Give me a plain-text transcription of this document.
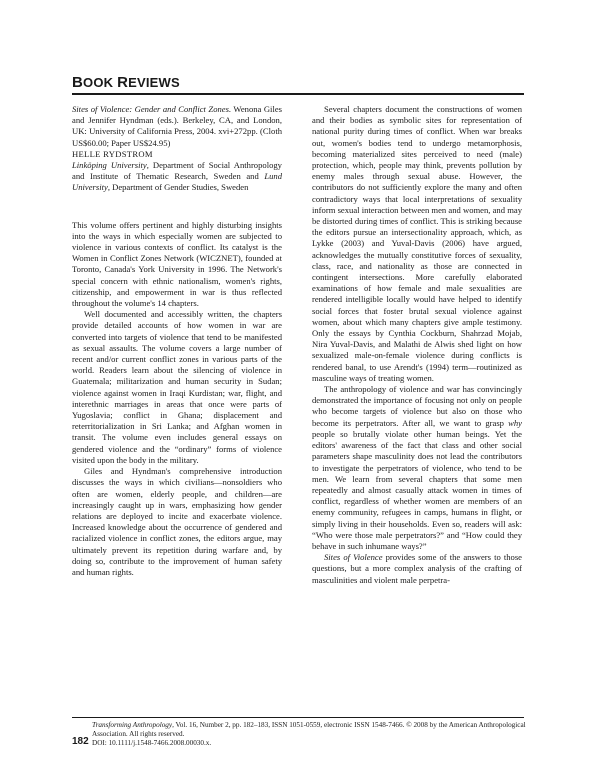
BOOK REVIEWS

Sites of Violence: Gender and Conflict Zones. Wenona Giles and Jennifer Hyndman (eds.). Berkeley, CA, and London, UK: University of California Press, 2004. xvi+272pp. (Cloth US$60.00; Paper US$24.95)

HELLE RYDSTROM

Linköping University, Department of Social Anthropology and Institute of Thematic Research, Sweden and Lund University, Department of Gender Studies, Sweden

This volume offers pertinent and highly disturbing insights into the ways in which especially women are subjected to violence in various contexts of conflict. Its catalyst is the Women in Conflict Zones Network (WICZNET), founded at Toronto, Canada's York University in 1996. The Network's special concern with ethnic nationalism, women's rights, citizenship, and empowerment in war is thus reflected throughout the volume's 14 chapters.

Well documented and accessibly written, the chapters provide detailed accounts of how women in war are converted into targets of violence that tend to be manifested as sexual assaults. The volume covers a large number of recent and/or current conflict zones in various parts of the world. Readers learn about the silencing of violence in Guatemala; militarization and human security in Sudan; violence against women in Iraqi Kurdistan; war, flight, and interethnic marriages in areas that once were parts of Yugoslavia; conflict in Ghana; displacement and reterritorialization in Sri Lanka; and Afghan women in transit. The volume even includes general essays on gendered violence and the “ordinary” forms of violence visited upon the body in the military.

Giles and Hyndman's comprehensive introduction discusses the ways in which civilians—nonsoldiers who often are women, elderly people, and children—are increasingly caught up in wars, emphasizing how gender relations are deployed to incite and exacerbate violence. Increased knowledge about the occurrence of gendered and racialized violence in conflict zones, the editors argue, may ultimately prevent its repetition during warfare and, by doing so, contribute to the improvement of human safety and human rights.

Several chapters document the constructions of women and their bodies as symbolic sites for representation of national purity during times of conflict. When war breaks out, women's bodies tend to undergo metamorphosis, becoming materialized sites perceived to need (male) protection, which, people may think, prevents pollution by enemy males through sexual abuse. However, the contributors do not sufficiently explore the many and often contradictory ways that local interpretations of sexuality inform sexual interaction between men and women, and may be distorted during times of conflict. This is striking because the editors pursue an intersectionality approach, which, as Lykke (2003) and Yuval-Davis (2006) have argued, acknowledges the mutually constitutive forces of sexuality, class, race, and nationality as those are connected in contingent intersections. More carefully elaborated examinations of how female and male sexualities are rendered intelligible locally would have helped to identify social forces that foster brutal sexual violence against women, about which many chapters give ample testimony. Only the essays by Cynthia Cockburn, Shahrzad Mojab, Nira Yuval-Davis, and Malathi de Alwis shed light on how sexualized male-on-female violence during conflicts is rendered banal, to use Arendt's (1994) term—routinized as masculine ways of treating women.

The anthropology of violence and war has convincingly demonstrated the importance of focusing not only on people who become targets of violence but also on those who become its perpetrators. After all, we want to grasp why people so brutally violate other human beings. Yet the editors' awareness of the fact that class and other social parameters shape masculinity does not lead the contributors to investigate the perpetrators of violence, who tend to be men. We learn from several chapters that some men repeatedly and almost casually attack women in times of conflict, regardless of whether women are members of an enemy community, refugees in camps, humans in flight, or simply living in their households. Even so, readers will ask: “Who were those male perpetrators?” and “How could they behave in such inhumane ways?”

Sites of Violence provides some of the answers to those questions, but a more complex analysis of the crafting of masculinities and violent male perpetra-

Transforming Anthropology, Vol. 16, Number 2, pp. 182–183, ISSN 1051-0559, electronic ISSN 1548-7466. © 2008 by the American Anthropological Association. All rights reserved.
DOI: 10.1111/j.1548-7466.2008.00030.x.
182
